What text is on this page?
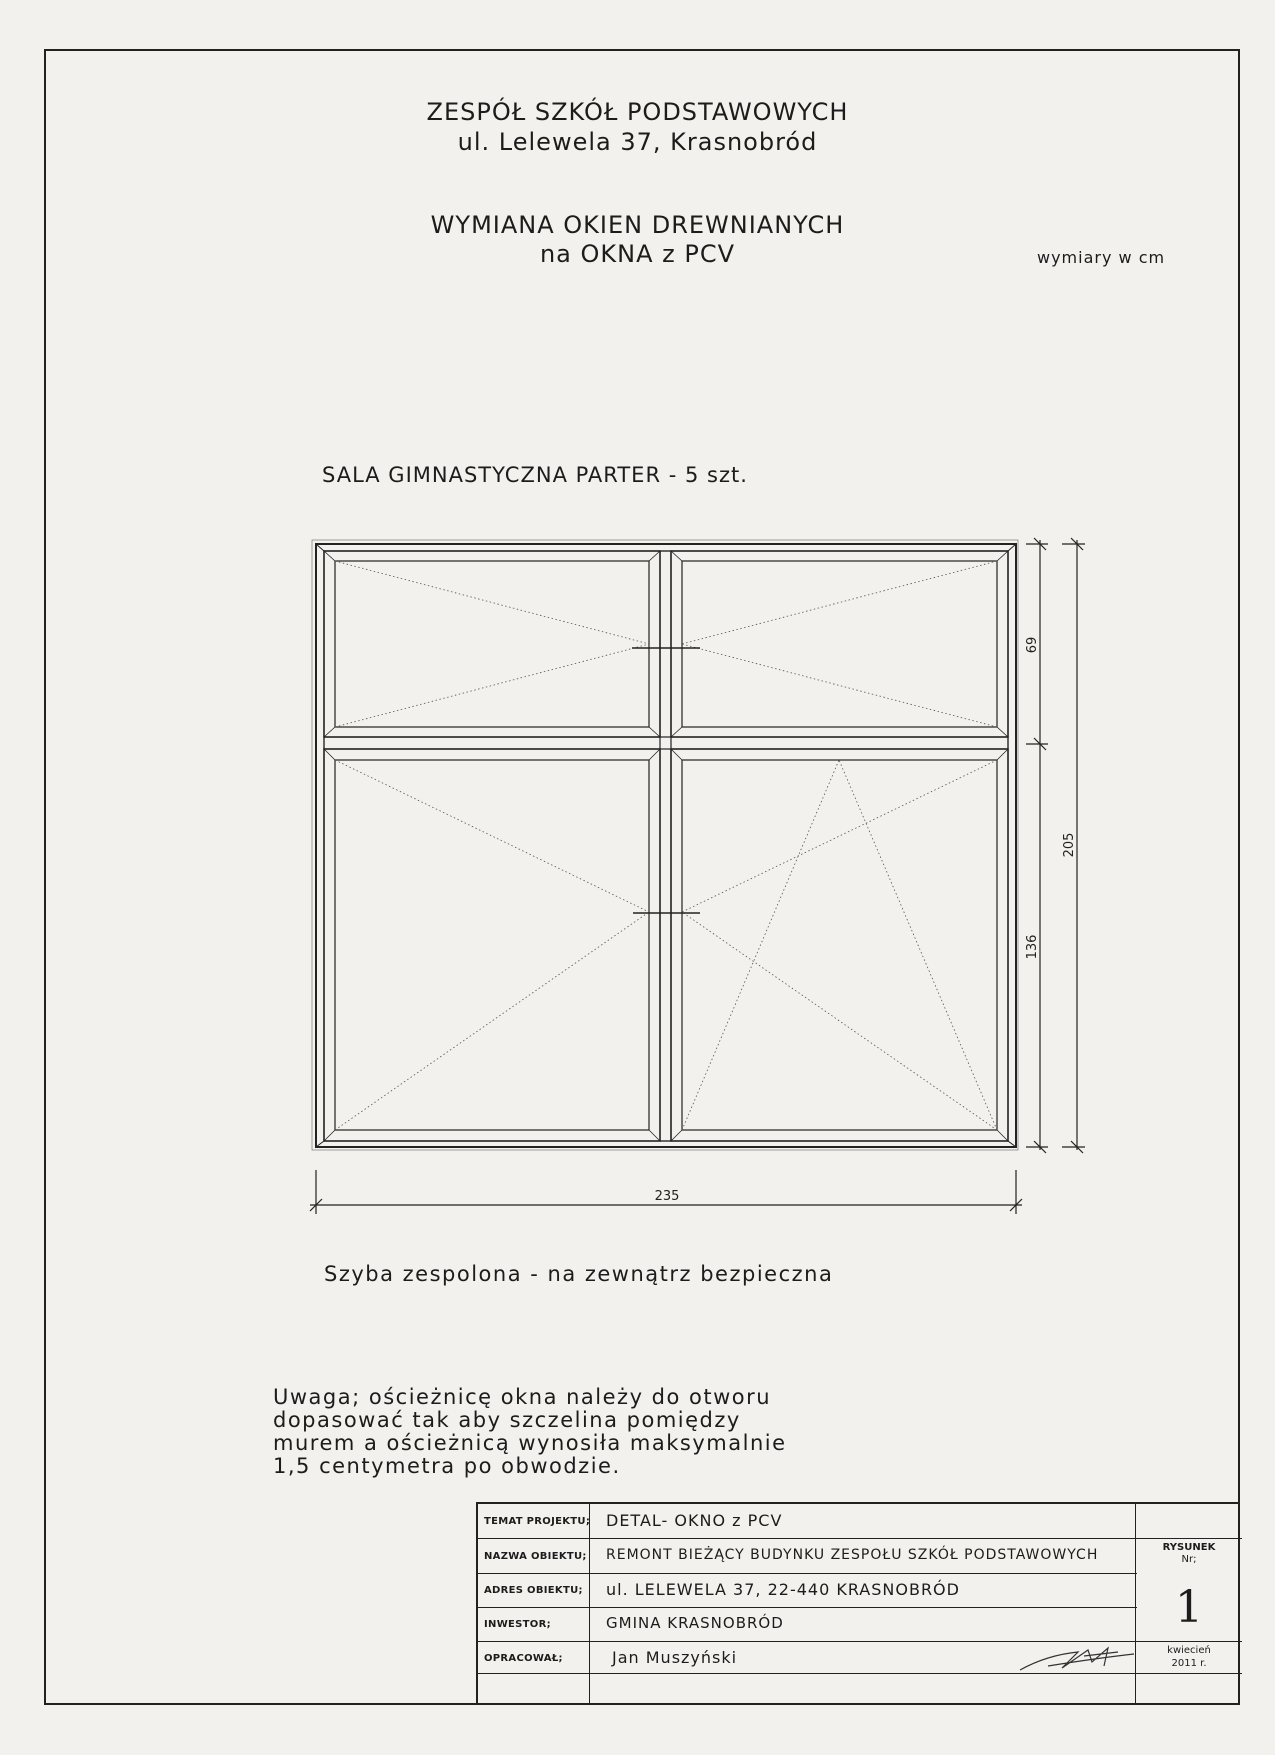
ZESPÓŁ SZKÓŁ PODSTAWOWYCH
ul. Lelewela 37, Krasnobród
WYMIANA OKIEN DREWNIANYCH
na OKNA z PCV	wymiary w cm
SALA GIMNASTYCZNA PARTER - 5 szt.
69
136
205
235
Szyba zespolona - na zewnątrz bezpieczna
Uwaga; ościeżnicę okna należy do otworu
dopasować tak aby szczelina pomiędzy
murem a ościeżnicą wynosiła maksymalnie
1,5 centymetra po obwodzie.
TEMAT PROJEKTU; DETAL- OKNO z PCV
NAZWA OBIEKTU; REMONT BIEŻĄCY BUDYNKU ZESPOŁU SZKÓŁ PODSTAWOWYCH
ADRES OBIEKTU; ul. LELEWELA 37, 22-440 KRASNOBRÓD
INWESTOR;	GMINA KRASNOBRÓD
OPRACOWAŁ;	Jan Muszyński
RYSUNEK
Nr;
1
kwiecień
2011 r.
